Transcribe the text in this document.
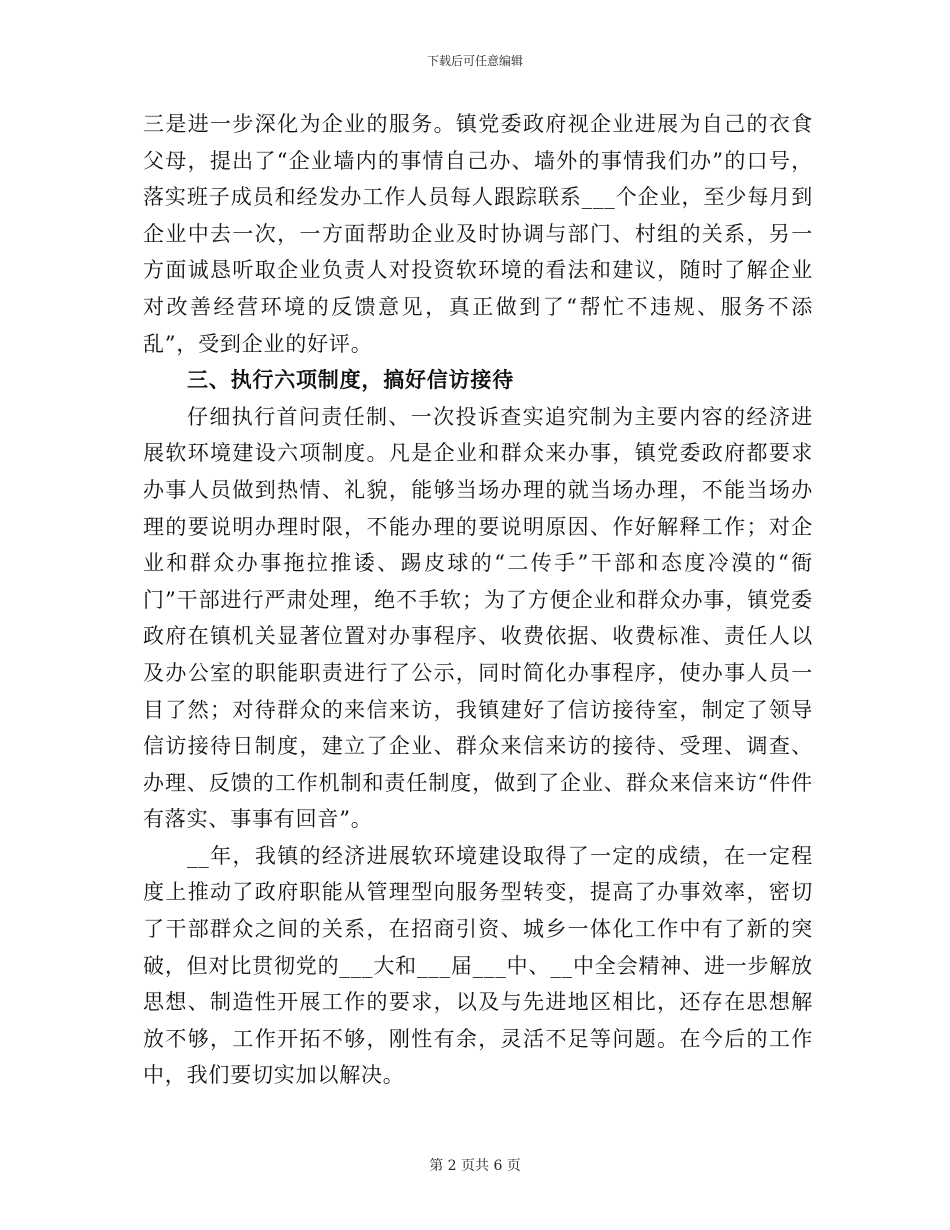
下载后可任意编辑

三是进一步深化为企业的服务。镇党委政府视企业进展为自己的衣食父母，提出了“企业墙内的事情自己办、墙外的事情我们办”的口号，落实班子成员和经发办工作人员每人跟踪联系___个企业，至少每月到企业中去一次，一方面帮助企业及时协调与部门、村组的关系，另一方面诚恳听取企业负责人对投资软环境的看法和建议，随时了解企业对改善经营环境的反馈意见，真正做到了“帮忙不违规、服务不添乱”，受到企业的好评。

三、执行六项制度，搞好信访接待

仔细执行首问责任制、一次投诉查实追究制为主要内容的经济进展软环境建设六项制度。凡是企业和群众来办事，镇党委政府都要求办事人员做到热情、礼貌，能够当场办理的就当场办理，不能当场办理的要说明办理时限，不能办理的要说明原因、作好解释工作；对企业和群众办事拖拉推诿、踢皮球的“二传手”干部和态度冷漠的“衙门”干部进行严肃处理，绝不手软；为了方便企业和群众办事，镇党委政府在镇机关显著位置对办事程序、收费依据、收费标准、责任人以及办公室的职能职责进行了公示，同时简化办事程序，使办事人员一目了然；对待群众的来信来访，我镇建好了信访接待室，制定了领导信访接待日制度，建立了企业、群众来信来访的接待、受理、调查、办理、反馈的工作机制和责任制度，做到了企业、群众来信来访“件件有落实、事事有回音”。

__年，我镇的经济进展软环境建设取得了一定的成绩，在一定程度上推动了政府职能从管理型向服务型转变，提高了办事效率，密切了干部群众之间的关系，在招商引资、城乡一体化工作中有了新的突破，但对比贯彻党的___大和___届___中、__中全会精神、进一步解放思想、制造性开展工作的要求，以及与先进地区相比，还存在思想解放不够，工作开拓不够，刚性有余，灵活不足等问题。在今后的工作中，我们要切实加以解决。

第 2 页共 6 页
